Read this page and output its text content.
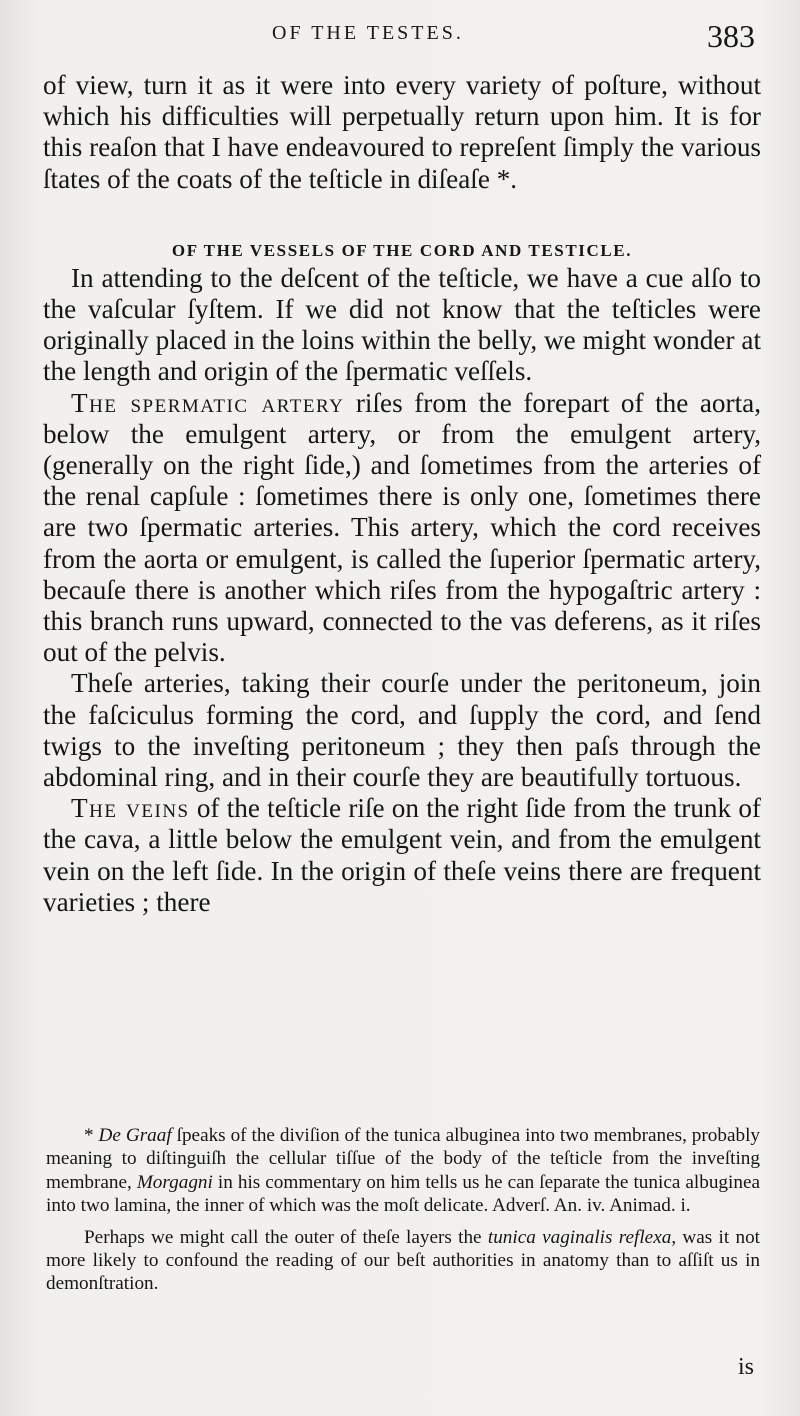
OF THE TESTES.	383

of view, turn it as it were into every variety of poſture, without which his difficulties will perpetually return upon him. It is for this reaſon that I have endeavoured to repreſent ſimply the various ſtates of the coats of the teſticle in diſeaſe *.

OF THE VESSELS OF THE CORD AND TESTICLE.

In attending to the deſcent of the teſticle, we have a cue alſo to the vaſcular ſyſtem. If we did not know that the teſticles were originally placed in the loins within the belly, we might wonder at the length and origin of the ſpermatic veſſels.

The spermatic artery riſes from the forepart of the aorta, below the emulgent artery, or from the emulgent artery, (generally on the right ſide,) and ſometimes from the arteries of the renal capſule : ſometimes there is only one, ſometimes there are two ſpermatic arteries. This artery, which the cord receives from the aorta or emulgent, is called the ſuperior ſpermatic artery, becauſe there is another which riſes from the hypogaſtric artery : this branch runs upward, connected to the vas deferens, as it riſes out of the pelvis.

Theſe arteries, taking their courſe under the peritoneum, join the faſciculus forming the cord, and ſupply the cord, and ſend twigs to the inveſting peritoneum ; they then paſs through the abdominal ring, and in their courſe they are beautifully tortuous.

The veins of the teſticle riſe on the right ſide from the trunk of the cava, a little below the emulgent vein, and from the emulgent vein on the left ſide. In the origin of theſe veins there are frequent varieties ; there

* De Graaf ſpeaks of the diviſion of the tunica albuginea into two membranes, probably meaning to diſtinguiſh the cellular tiſſue of the body of the teſticle from the inveſting membrane, Morgagni in his commentary on him tells us he can ſeparate the tunica albuginea into two lamina, the inner of which was the moſt delicate. Adverſ. An. iv. Animad. i.

Perhaps we might call the outer of theſe layers the tunica vaginalis reflexa, was it not more likely to confound the reading of our beſt authorities in anatomy than to aſſiſt us in demonſtration.

is
